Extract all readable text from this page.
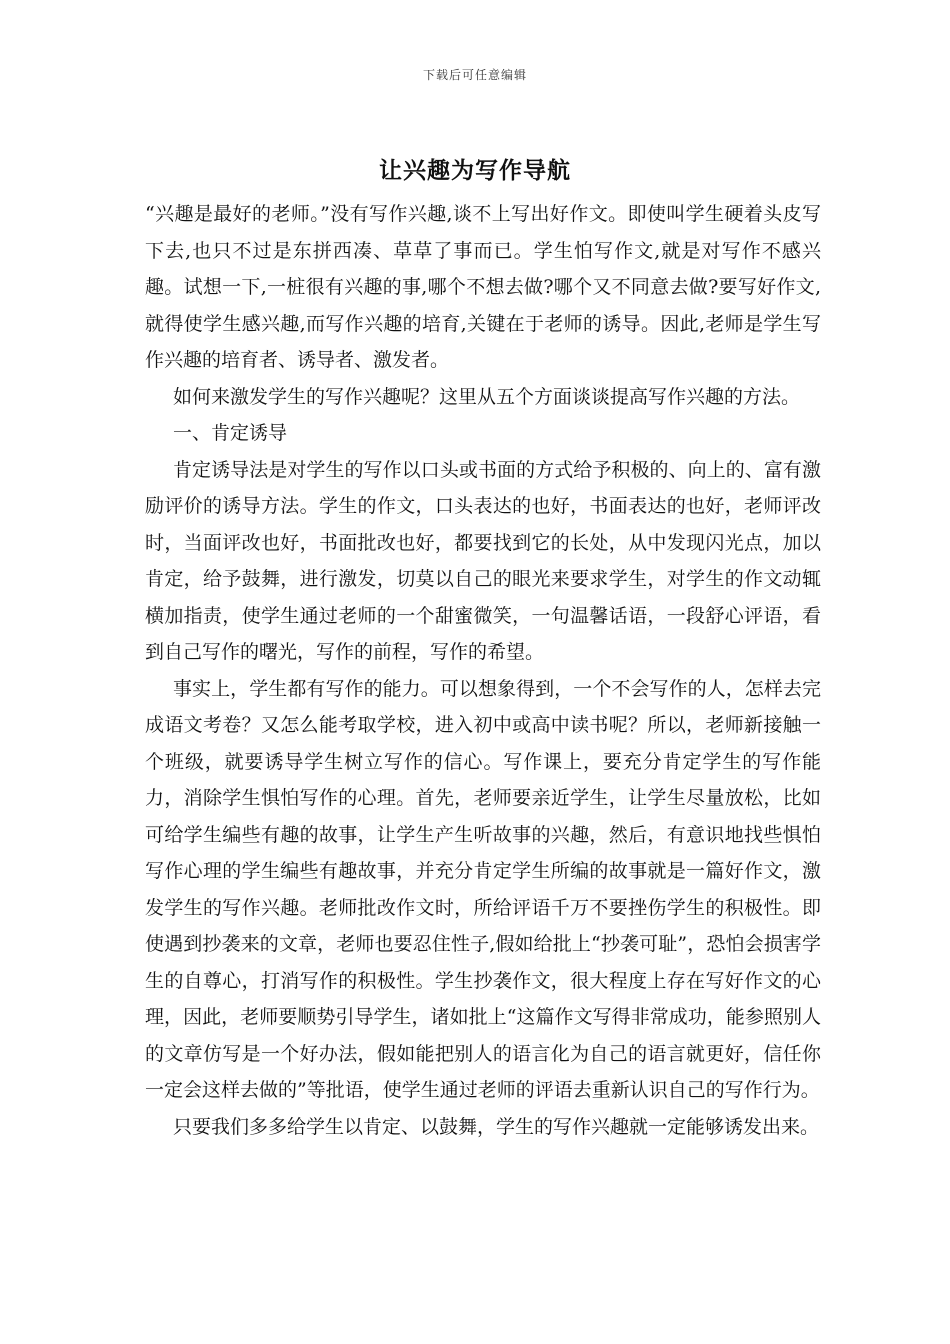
下载后可任意编辑
让兴趣为写作导航

“兴趣是最好的老师。”没有写作兴趣,谈不上写出好作文。即使叫学生硬着头皮写下去,也只不过是东拼西凑、草草了事而已。学生怕写作文,就是对写作不感兴趣。试想一下,一桩很有兴趣的事,哪个不想去做?哪个又不同意去做?要写好作文,就得使学生感兴趣,而写作兴趣的培育,关键在于老师的诱导。因此,老师是学生写作兴趣的培育者、诱导者、激发者。

如何来激发学生的写作兴趣呢？这里从五个方面谈谈提高写作兴趣的方法。

一、肯定诱导

肯定诱导法是对学生的写作以口头或书面的方式给予积极的、向上的、富有激励评价的诱导方法。学生的作文，口头表达的也好，书面表达的也好，老师评改时，当面评改也好，书面批改也好，都要找到它的长处，从中发现闪光点，加以肯定，给予鼓舞，进行激发，切莫以自己的眼光来要求学生，对学生的作文动辄横加指责，使学生通过老师的一个甜蜜微笑，一句温馨话语，一段舒心评语，看到自己写作的曙光，写作的前程，写作的希望。

事实上，学生都有写作的能力。可以想象得到，一个不会写作的人，怎样去完成语文考卷？又怎么能考取学校，进入初中或高中读书呢？所以，老师新接触一个班级，就要诱导学生树立写作的信心。写作课上，要充分肯定学生的写作能力，消除学生惧怕写作的心理。首先，老师要亲近学生，让学生尽量放松，比如可给学生编些有趣的故事，让学生产生听故事的兴趣，然后，有意识地找些惧怕写作心理的学生编些有趣故事，并充分肯定学生所编的故事就是一篇好作文，激发学生的写作兴趣。老师批改作文时，所给评语千万不要挫伤学生的积极性。即使遇到抄袭来的文章，老师也要忍住性子,假如给批上“抄袭可耻”，恐怕会损害学生的自尊心，打消写作的积极性。学生抄袭作文，很大程度上存在写好作文的心理，因此，老师要顺势引导学生，诸如批上“这篇作文写得非常成功，能参照别人的文章仿写是一个好办法，假如能把别人的语言化为自己的语言就更好，信任你一定会这样去做的”等批语，使学生通过老师的评语去重新认识自己的写作行为。

只要我们多多给学生以肯定、以鼓舞，学生的写作兴趣就一定能够诱发出来。
